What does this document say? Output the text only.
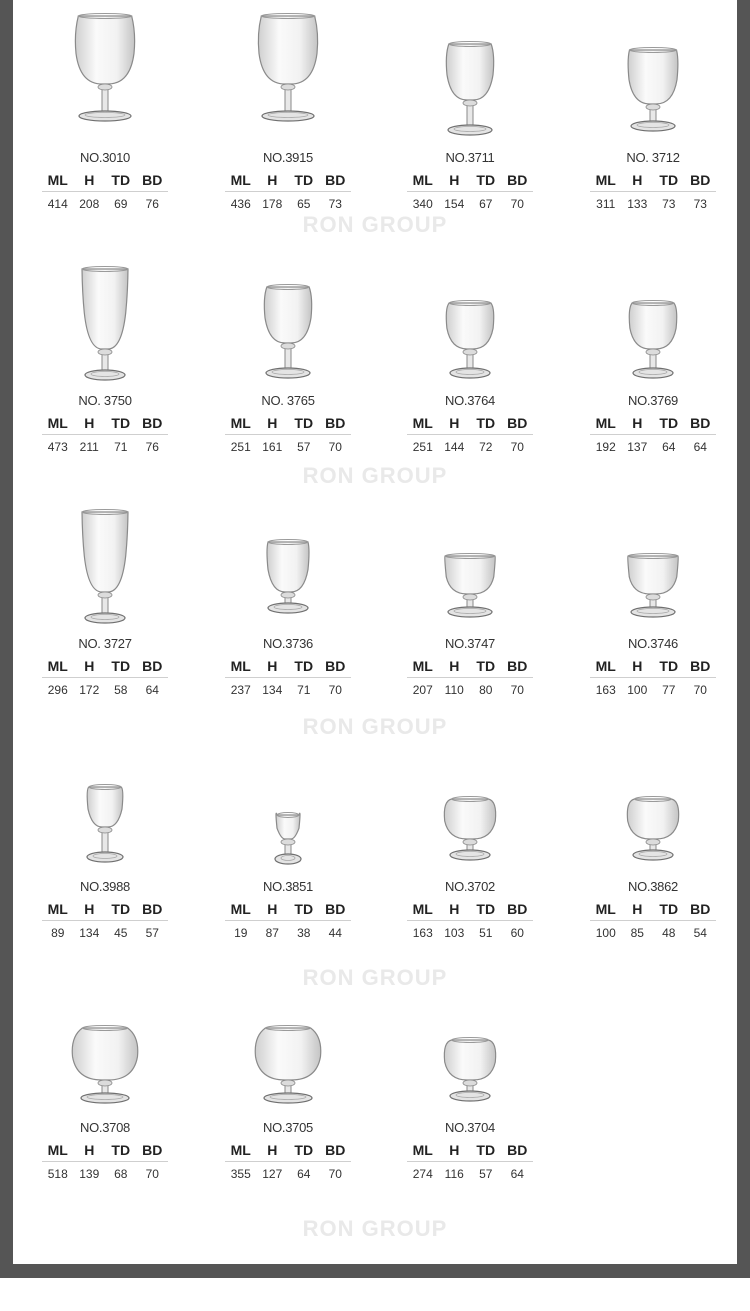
RON GROUP
RON GROUP
RON GROUP
RON GROUP
RON GROUP
NO.3010
ML	H	TD BD
414 208	69	76
NO.3915
ML	H	TD BD
436 178	65	73
NO.3711
ML	H	TD BD
340 154	67	70
NO. 3712
ML	H	TD BD
311 133	73	73
NO. 3750
ML	H	TD BD
473 211	71	76
NO. 3765
ML	H	TD BD
251 161	57	70
NO.3764
ML	H	TD BD
251 144	72	70
NO.3769
ML	H	TD BD
192 137	64	64
NO. 3727
ML	H	TD BD
296 172	58	64
NO.3736
ML	H	TD BD
237 134	71	70
NO.3747
ML	H	TD BD
207 110	80	70
NO.3746
ML	H	TD BD
163 100	77	70
NO.3988
ML	H	TD BD
89	134	45	57
NO.3851
ML	H	TD BD
19	87	38	44
NO.3702
ML	H	TD BD
163 103	51	60
NO.3862
ML	H	TD BD
100	85	48	54
NO.3708
ML	H	TD BD
518 139	68	70
NO.3705
ML	H	TD BD
355 127	64	70
NO.3704
ML	H	TD BD
274 116	57	64
